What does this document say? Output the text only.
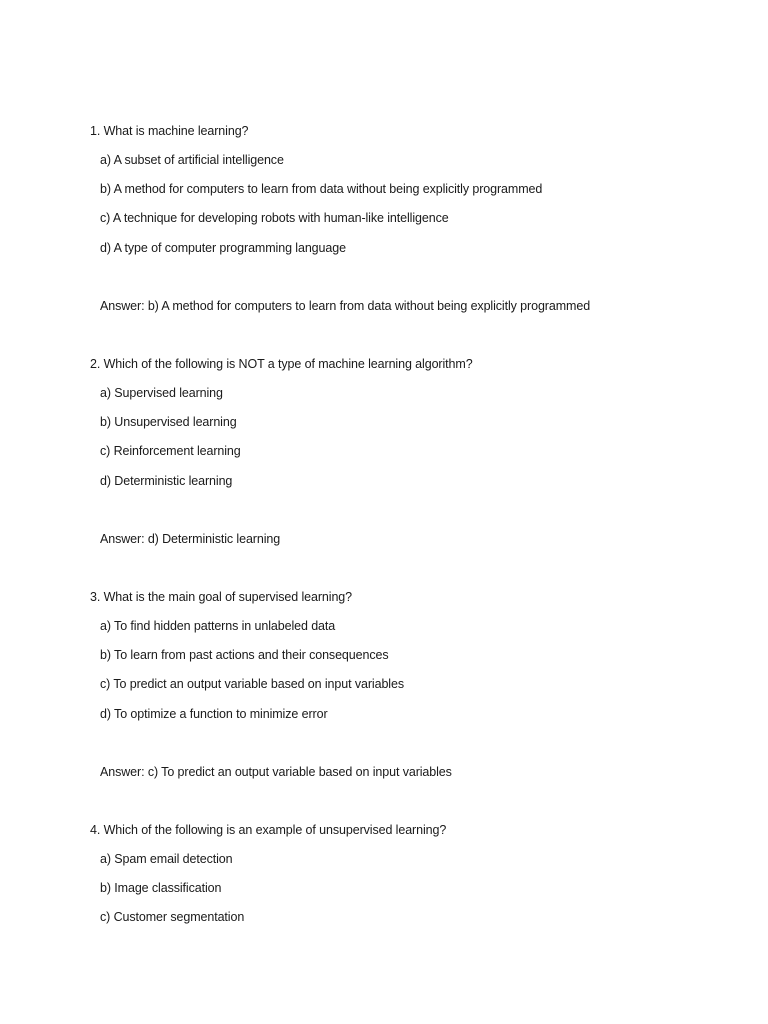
1. What is machine learning?
a) A subset of artificial intelligence
b) A method for computers to learn from data without being explicitly programmed
c) A technique for developing robots with human-like intelligence
d) A type of computer programming language
Answer: b) A method for computers to learn from data without being explicitly programmed
2. Which of the following is NOT a type of machine learning algorithm?
a) Supervised learning
b) Unsupervised learning
c) Reinforcement learning
d) Deterministic learning
Answer: d) Deterministic learning
3. What is the main goal of supervised learning?
a) To find hidden patterns in unlabeled data
b) To learn from past actions and their consequences
c) To predict an output variable based on input variables
d) To optimize a function to minimize error
Answer: c) To predict an output variable based on input variables
4. Which of the following is an example of unsupervised learning?
a) Spam email detection
b) Image classification
c) Customer segmentation
